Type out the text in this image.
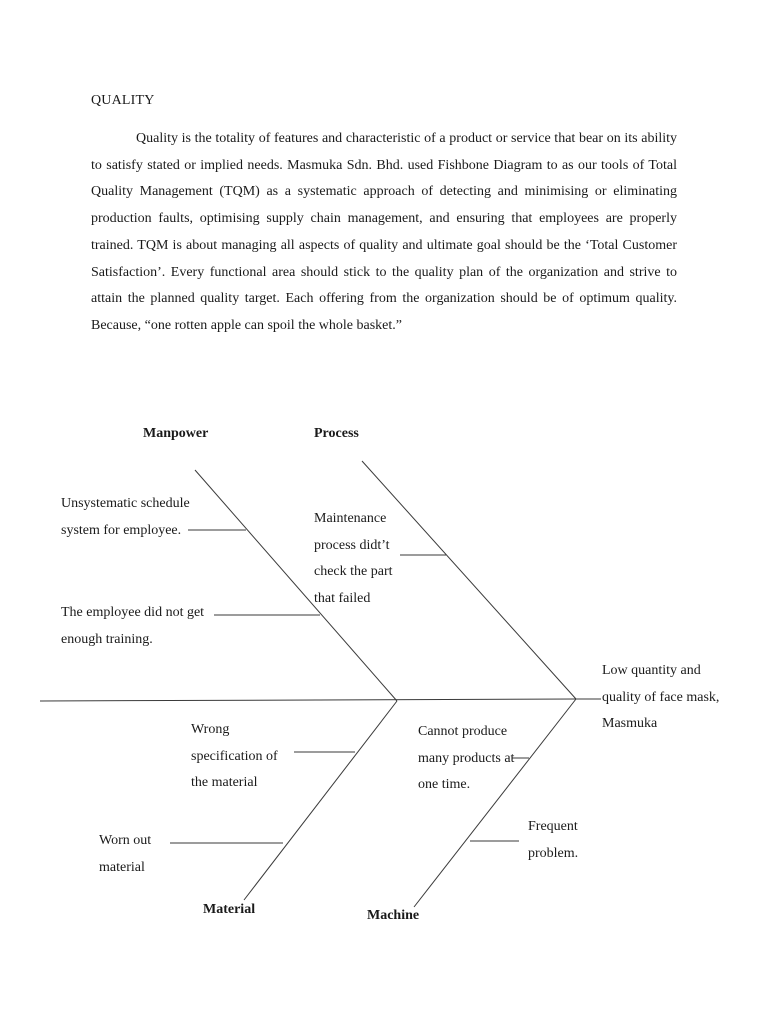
QUALITY

Quality is the totality of features and characteristic of a product or service that bear on its ability to satisfy stated or implied needs. Masmuka Sdn. Bhd. used Fishbone Diagram to as our tools of Total Quality Management (TQM) as a systematic approach of detecting and minimising or eliminating production faults, optimising supply chain management, and ensuring that employees are properly trained. TQM is about managing all aspects of quality and ultimate goal should be the ‘Total Customer Satisfaction’. Every functional area should stick to the quality plan of the organization and strive to attain the planned quality target. Each offering from the organization should be of optimum quality. Because, “one rotten apple can spoil the whole basket.”

Manpower	Process
Material	Machine

Unsystematic schedule system for employee.

The employee did not get enough training.

Maintenance process didt’t check the part that failed

Wrong specification of the material

Worn out material

Cannot produce many products at one time.

Frequent problem.

Low quantity and quality of face mask, Masmuka
